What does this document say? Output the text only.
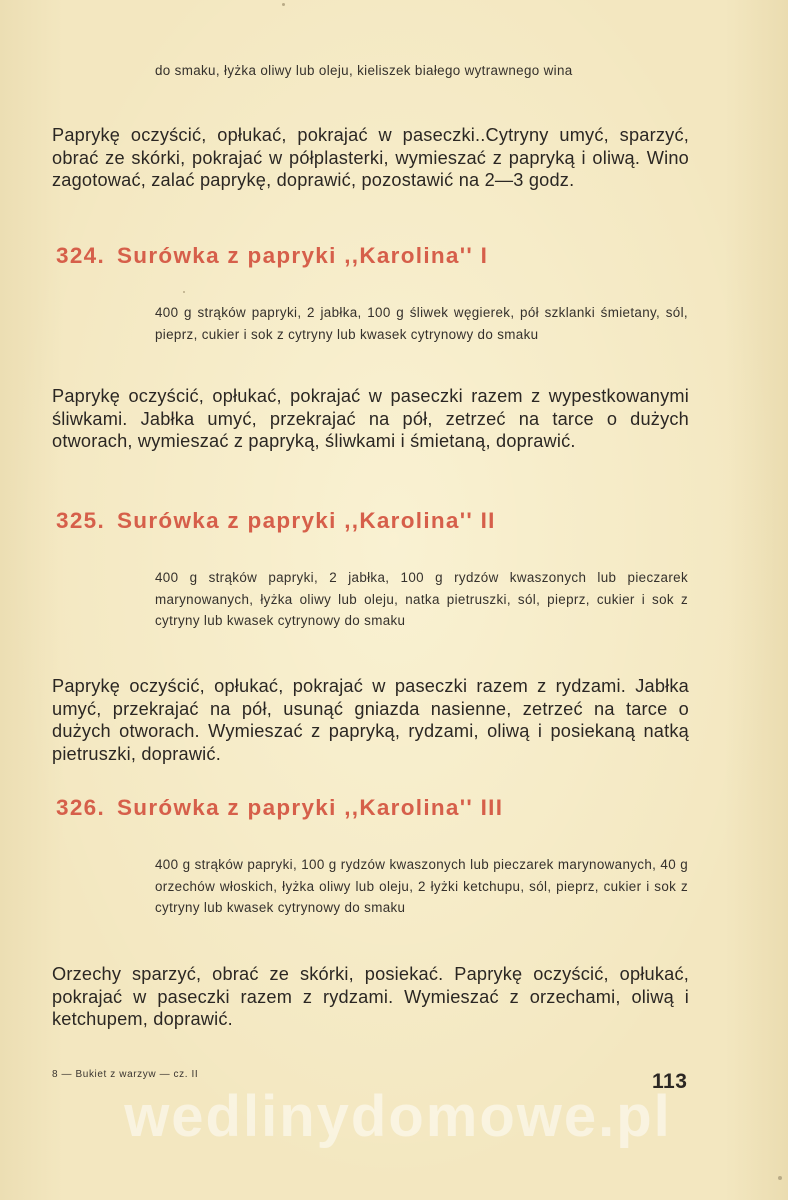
do smaku, łyżka oliwy lub oleju, kieliszek białego wytrawnego wina
Paprykę oczyścić, opłukać, pokrajać w paseczki..Cytryny umyć, sparzyć, obrać ze skórki, pokrajać w półplasterki, wymieszać z papryką i oliwą. Wino zagotować, zalać paprykę, doprawić, pozostawić na 2—3 godz.
324. Surówka z papryki ,,Karolina'' I
400 g strąków papryki, 2 jabłka, 100 g śliwek węgierek, pół szklanki śmietany, sól, pieprz, cukier i sok z cytryny lub kwasek cytrynowy do smaku
Paprykę oczyścić, opłukać, pokrajać w paseczki razem z wypestkowanymi śliwkami. Jabłka umyć, przekrajać na pół, zetrzeć na tarce o dużych otworach, wymieszać z papryką, śliwkami i śmietaną, doprawić.
325. Surówka z papryki ,,Karolina'' II
400 g strąków papryki, 2 jabłka, 100 g rydzów kwaszonych lub pieczarek marynowanych, łyżka oliwy lub oleju, natka pietruszki, sól, pieprz, cukier i sok z cytryny lub kwasek cytrynowy do smaku
Paprykę oczyścić, opłukać, pokrajać w paseczki razem z rydzami. Jabłka umyć, przekrajać na pół, usunąć gniazda nasienne, zetrzeć na tarce o dużych otworach. Wymieszać z papryką, rydzami, oliwą i posiekaną natką pietruszki, doprawić.
326. Surówka z papryki ,,Karolina'' III
400 g strąków papryki, 100 g rydzów kwaszonych lub pieczarek marynowanych, 40 g orzechów włoskich, łyżka oliwy lub oleju, 2 łyżki ketchupu, sól, pieprz, cukier i sok z cytryny lub kwasek cytrynowy do smaku
Orzechy sparzyć, obrać ze skórki, posiekać. Paprykę oczyścić, opłukać, pokrajać w paseczki razem z rydzami. Wymieszać z orzechami, oliwą i ketchupem, doprawić.
8 — Bukiet z warzyw — cz. II	113
wedlinydomowe.pl
